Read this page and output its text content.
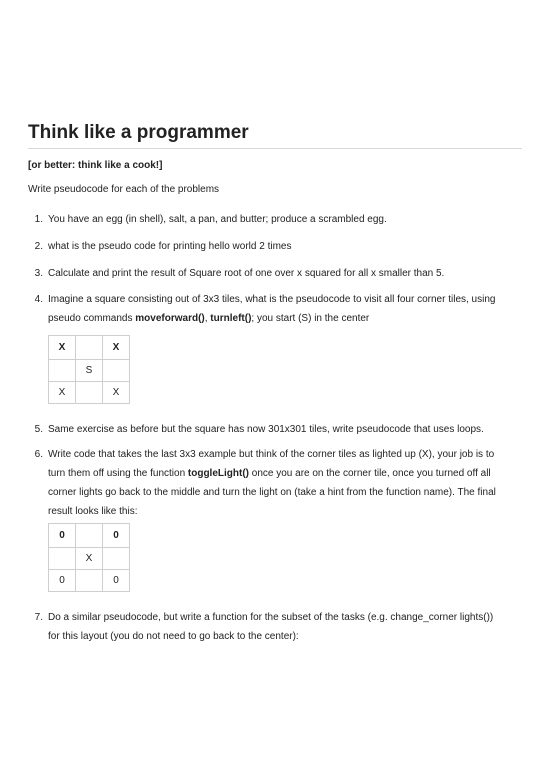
Think like a programmer
[or better: think like a cook!]
Write pseudocode for each of the problems
1. You have an egg (in shell), salt, a pan, and butter; produce a scrambled egg.
2. what is the pseudo code for printing hello world 2 times
3. Calculate and print the result of Square root of one over x squared for all x smaller than 5.
4. Imagine a square consisting out of 3x3 tiles, what is the pseudocode to visit all four corner tiles, using pseudo commands moveforward(), turnleft(); you start (S) in the center
X		X
	S	
X		X
5. Same exercise as before but the square has now 301x301 tiles, write pseudocode that uses loops.
6. Write code that takes the last 3x3 example but think of the corner tiles as lighted up (X), your job is to turn them off using the function toggleLight() once you are on the corner tile, once you turned off all corner lights go back to the middle and turn the light on (take a hint from the function name). The final result looks like this:
0		0
	X	
0		0
7. Do a similar pseudocode, but write a function for the subset of the tasks (e.g. change_corner lights()) for this layout (you do not need to go back to the center):
